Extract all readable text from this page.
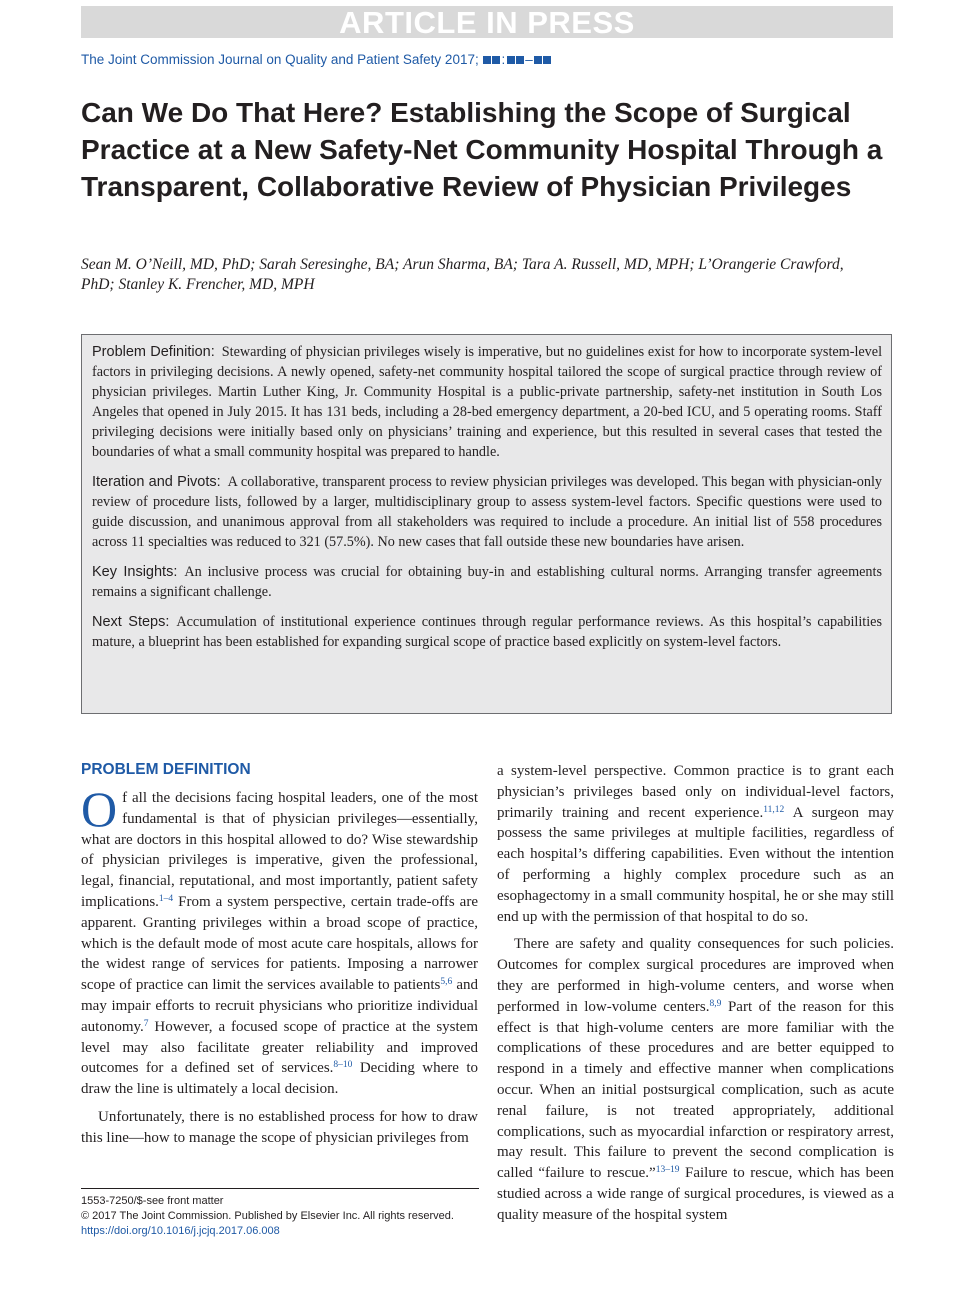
ARTICLE IN PRESS
The Joint Commission Journal on Quality and Patient Safety 2017; : –
Can We Do That Here? Establishing the Scope of Surgical Practice at a New Safety-Net Community Hospital Through a Transparent, Collaborative Review of Physician Privileges

Sean M. O’Neill, MD, PhD; Sarah Seresinghe, BA; Arun Sharma, BA; Tara A. Russell, MD, MPH; L’Orangerie Crawford, PhD; Stanley K. Frencher, MD, MPH

Problem Definition: Stewarding of physician privileges wisely is imperative, but no guidelines exist for how to incorporate system-level factors in privileging decisions. A newly opened, safety-net community hospital tailored the scope of surgical practice through review of physician privileges. Martin Luther King, Jr. Community Hospital is a public-private partnership, safety-net institution in South Los Angeles that opened in July 2015. It has 131 beds, including a 28-bed emergency department, a 20-bed ICU, and 5 operating rooms. Staff privileging decisions were initially based only on physicians’ training and experience, but this resulted in several cases that tested the boundaries of what a small community hospital was prepared to handle.

Iteration and Pivots: A collaborative, transparent process to review physician privileges was developed. This began with physician-only review of procedure lists, followed by a larger, multidisciplinary group to assess system-level factors. Specific questions were used to guide discussion, and unanimous approval from all stakeholders was required to include a procedure. An initial list of 558 procedures across 11 specialties was reduced to 321 (57.5%). No new cases that fall outside these new boundaries have arisen.

Key Insights: An inclusive process was crucial for obtaining buy-in and establishing cultural norms. Arranging transfer agreements remains a significant challenge.

Next Steps: Accumulation of institutional experience continues through regular performance reviews. As this hospital’s capabilities mature, a blueprint has been established for expanding surgical scope of practice based explicitly on system-level factors.

PROBLEM DEFINITION

Of all the decisions facing hospital leaders, one of the most fundamental is that of physician privileges—essentially, what are doctors in this hospital allowed to do? Wise stewardship of physician privileges is imperative, given the professional, legal, financial, reputational, and most importantly, patient safety implications.$^{1-4}$ From a system perspective, certain trade-offs are apparent. Granting privileges within a broad scope of practice, which is the default mode of most acute care hospitals, allows for the widest range of services for patients. Imposing a narrower scope of practice can limit the services available to patients$^{5,6}$ and may impair efforts to recruit physicians who prioritize individual autonomy.$^7$ However, a focused scope of practice at the system level may also facilitate greater reliability and improved outcomes for a defined set of services.$^{8-10}$ Deciding where to draw the line is ultimately a local decision.

Unfortunately, there is no established process for how to draw this line—how to manage the scope of physician privileges from

a system-level perspective. Common practice is to grant each physician’s privileges based only on individual-level factors, primarily training and recent experience.$^{11,12}$ A surgeon may possess the same privileges at multiple facilities, regardless of each hospital’s differing capabilities. Even without the intention of performing a highly complex procedure such as an esophagectomy in a small community hospital, he or she may still end up with the permission of that hospital to do so.

There are safety and quality consequences for such policies. Outcomes for complex surgical procedures are improved when they are performed in high-volume centers, and worse when performed in low-volume centers.$^{8,9}$ Part of the reason for this effect is that high-volume centers are more familiar with the complications of these procedures and are better equipped to respond in a timely and effective manner when complications occur. When an initial postsurgical complication, such as acute renal failure, is not treated appropriately, additional complications, such as myocardial infarction or respiratory arrest, may result. This failure to prevent the second complication is called “failure to rescue.”$^{13-19}$ Failure to rescue, which has been studied across a wide range of surgical procedures, is viewed as a quality measure of the hospital system

1553-7250/$-see front matter
© 2017 The Joint Commission. Published by Elsevier Inc. All rights reserved.
https://doi.org/10.1016/j.jcjq.2017.06.008
